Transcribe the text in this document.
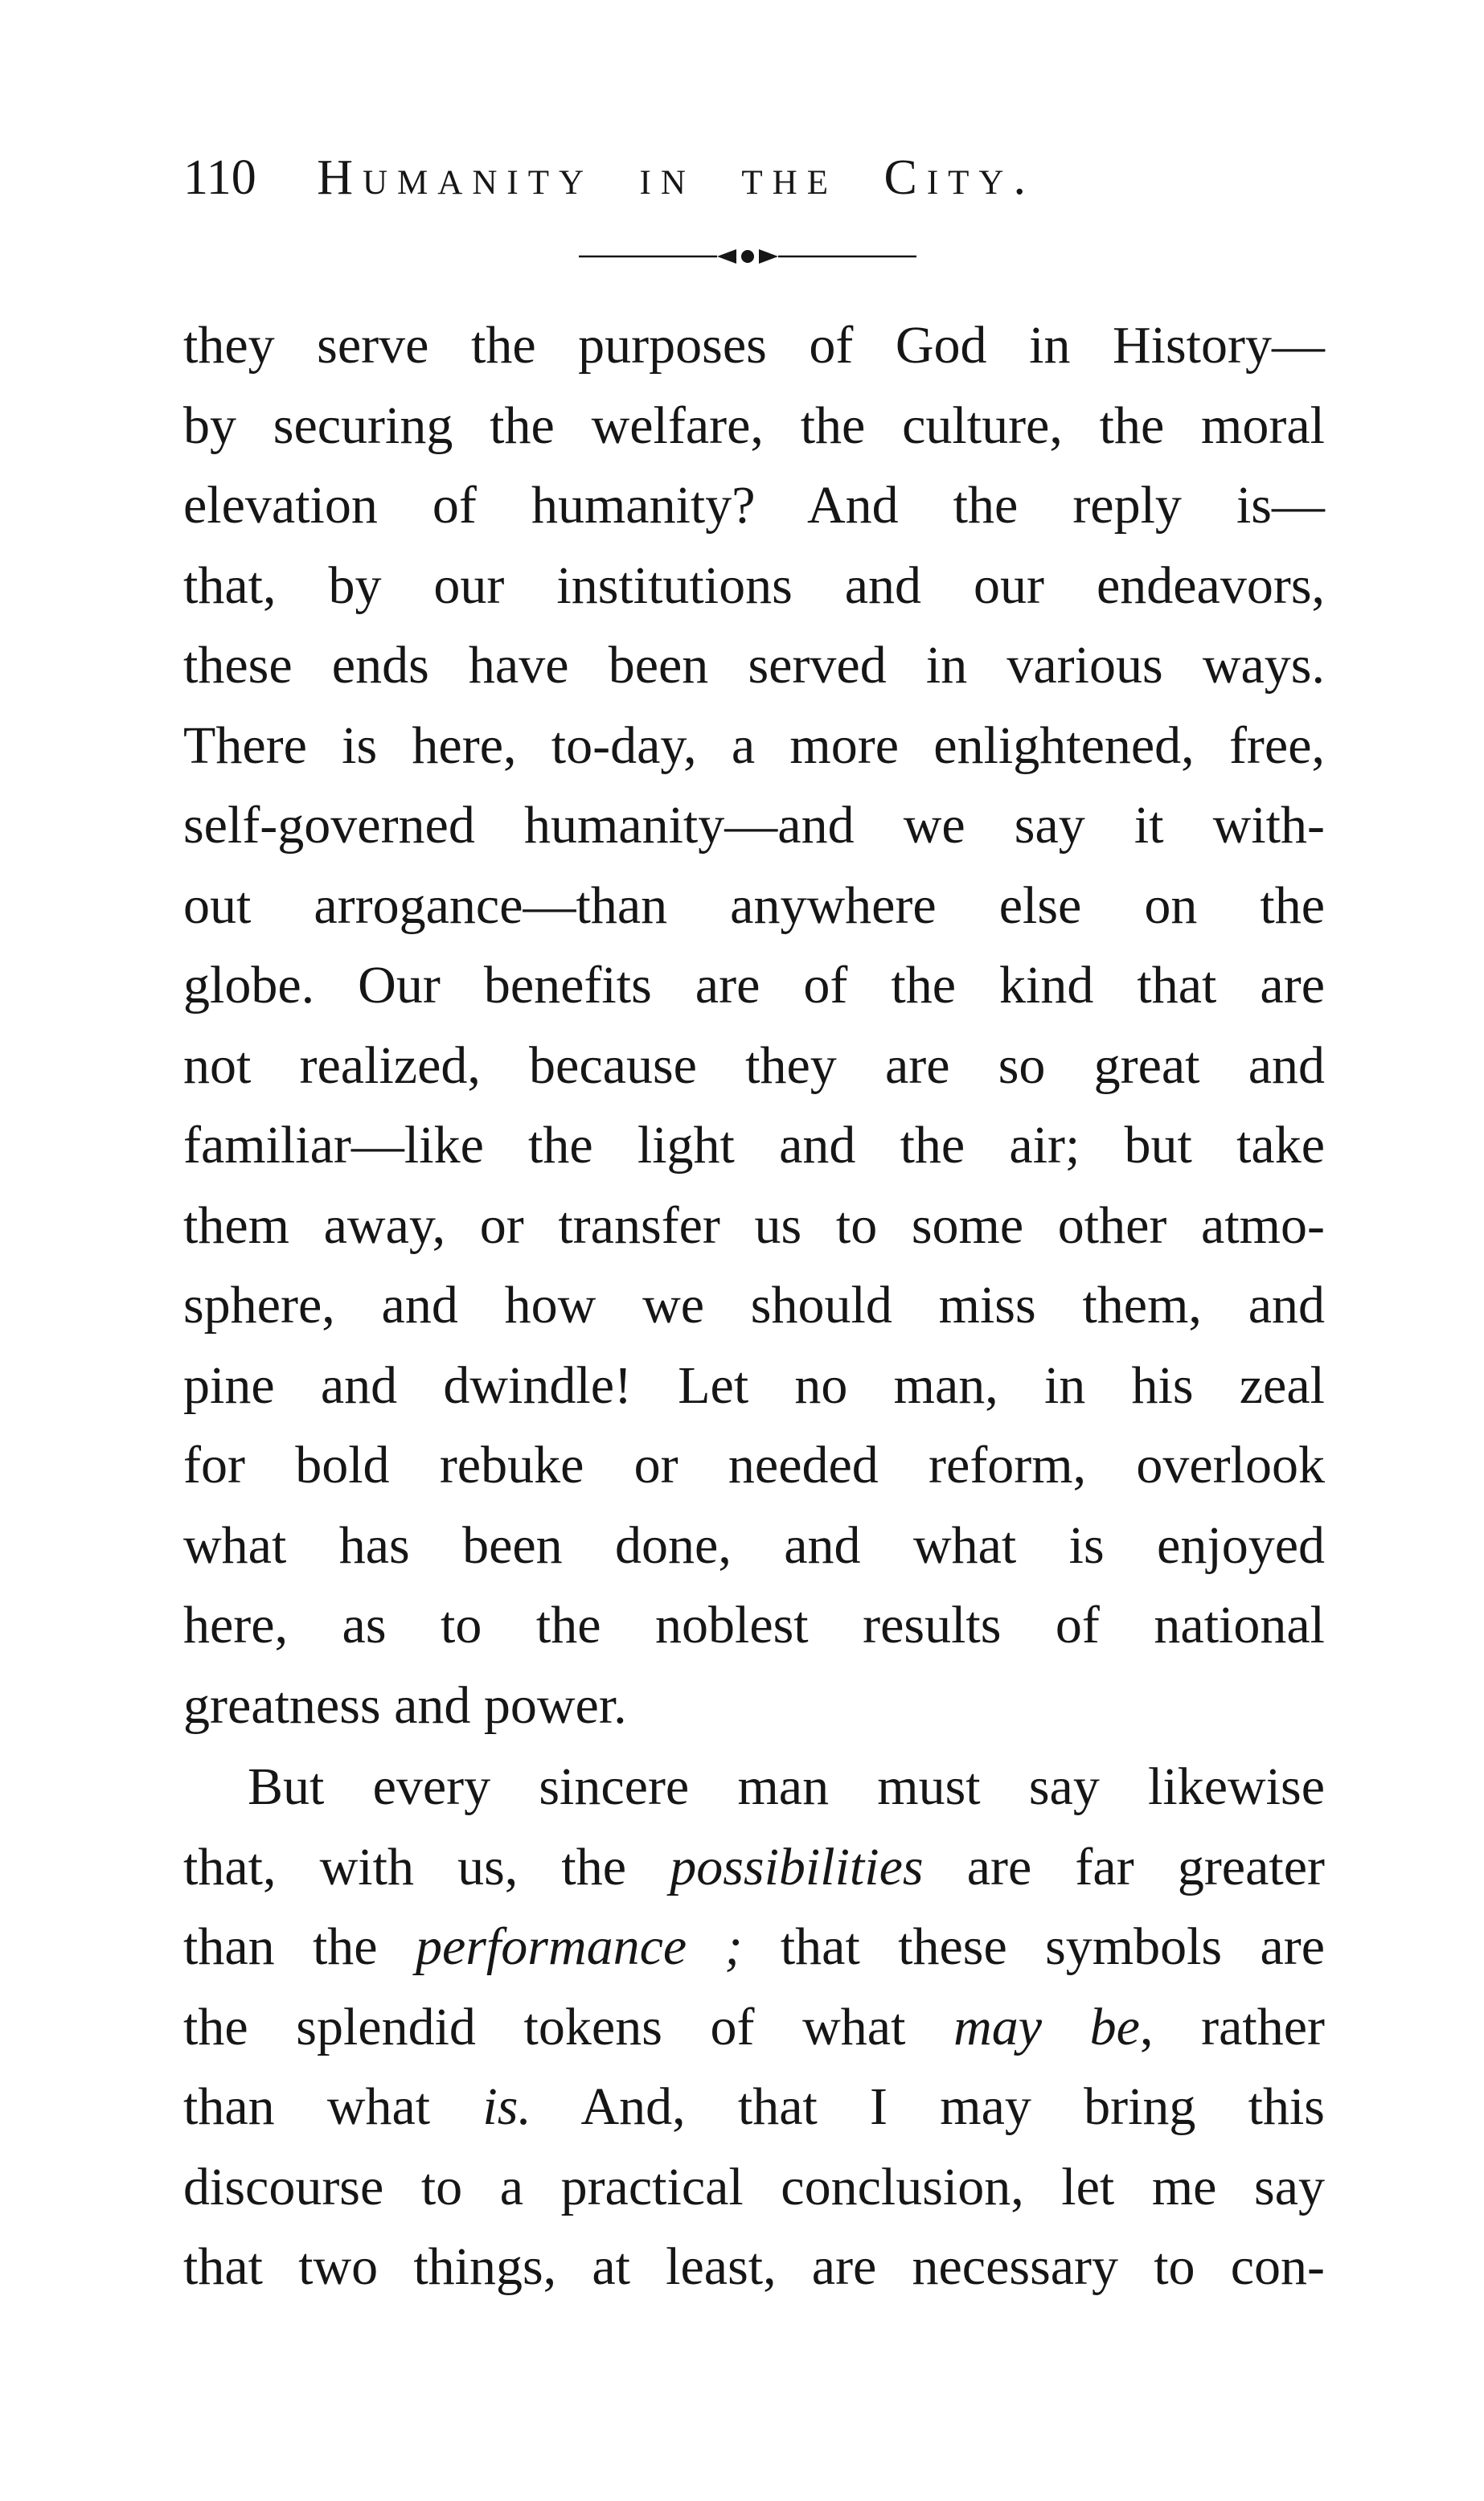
110 Humanity in the City.
they serve the purposes of God in History—
by securing the welfare, the culture, the moral
elevation of humanity? And the reply is—
that, by our institutions and our endeavors,
these ends have been served in various ways.
There is here, to-day, a more enlightened, free,
self-governed humanity—and we say it with-
out arrogance—than anywhere else on the
globe. Our benefits are of the kind that are
not realized, because they are so great and
familiar—like the light and the air; but take
them away, or transfer us to some other atmo-
sphere, and how we should miss them, and
pine and dwindle! Let no man, in his zeal
for bold rebuke or needed reform, overlook
what has been done, and what is enjoyed
here, as to the noblest results of national
greatness and power.
But every sincere man must say likewise
that, with us, the possibilities are far greater
than the performance ; that these symbols are
the splendid tokens of what may be, rather
than what is. And, that I may bring this
discourse to a practical conclusion, let me say
that two things, at least, are necessary to con-
